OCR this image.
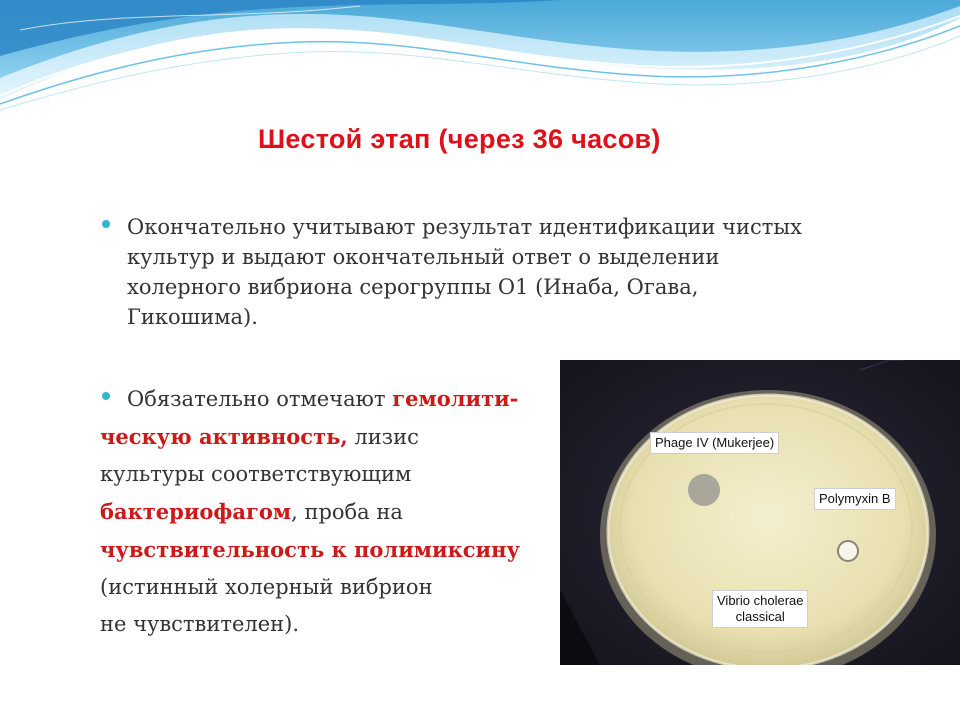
Шестой этап (через 36 часов)

Окончательно учитывают результат идентификации чистых
культур и выдают окончательный ответ о выделении
холерного вибриона серогруппы О1 (Инаба, Огава,
Гикошима).

Обязательно отмечают гемолити-
ческую активность, лизис
культуры соответствующим
бактериофагом, проба на
чувствительность к полимиксину
(истинный холерный вибрион
не чувствителен).

Phage IV (Mukerjee)
Polymyxin B
Vibrio cholerae
classical
